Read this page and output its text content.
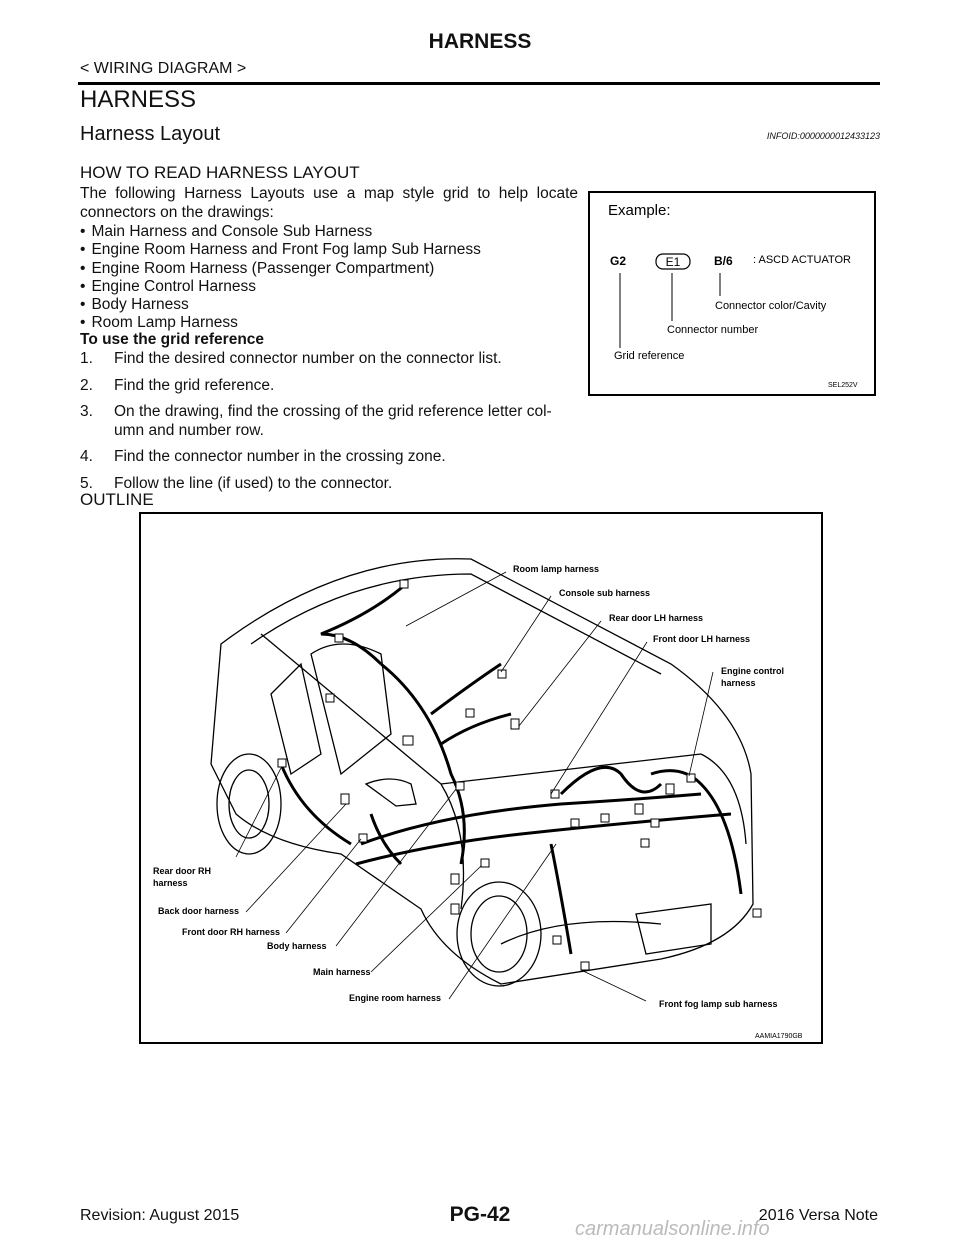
HARNESS
< WIRING DIAGRAM >
HARNESS
Harness Layout	INFOID:0000000012433123
HOW TO READ HARNESS LAYOUT
The following Harness Layouts use a map style grid to help locate connectors on the drawings:
• Main Harness and Console Sub Harness
• Engine Room Harness and Front Fog lamp Sub Harness
• Engine Room Harness (Passenger Compartment)
• Engine Control Harness
• Body Harness
• Room Lamp Harness
To use the grid reference
1.	Find the desired connector number on the connector list.
2.	Find the grid reference.
3.	On the drawing, find the crossing of the grid reference letter col-umn and number row.
4.	Find the connector number in the crossing zone.
5.	Follow the line (if used) to the connector.
Example:
G2	E1	B/6 : ASCD ACTUATOR
Connector color/Cavity
Connector number
Grid reference
SEL252V
OUTLINE
Room lamp harness
Console sub harness
Rear door LH harness
Front door LH harness
Engine control
harness
Rear door RH
harness
Back door harness
Front door RH harness
Body harness
Main harness
Engine room harness
Front fog lamp sub harness
AAMIA1790GB
Revision: August 2015	PG-42	2016 Versa Note
carmanualsonline.info
